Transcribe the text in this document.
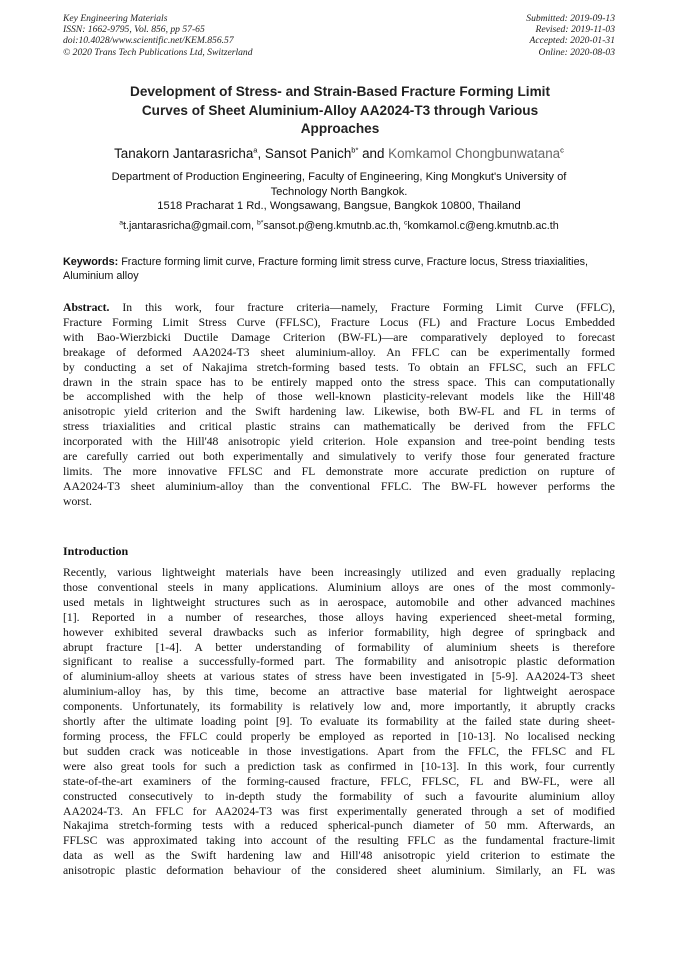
Key Engineering Materials
ISSN: 1662-9795, Vol. 856, pp 57-65
doi:10.4028/www.scientific.net/KEM.856.57
© 2020 Trans Tech Publications Ltd, Switzerland
Submitted: 2019-09-13
Revised: 2019-11-03
Accepted: 2020-01-31
Online: 2020-08-03
Development of Stress- and Strain-Based Fracture Forming Limit
Curves of Sheet Aluminium-Alloy AA2024-T3 through Various
Approaches
Tanakorn Jantarasricha$^a$, Sansot Panich$^{b*}$ and Komkamol Chongbunwatana$^c$
Department of Production Engineering, Faculty of Engineering, King Mongkut's University of
Technology North Bangkok.
1518 Pracharat 1 Rd., Wongsawang, Bangsue, Bangkok 10800, Thailand
$^a$t.jantarasricha@gmail.com, $^{b*}$sansot.p@eng.kmutnb.ac.th, $^c$komkamol.c@eng.kmutnb.ac.th
Keywords: Fracture forming limit curve, Fracture forming limit stress curve, Fracture locus, Stress triaxialities, Aluminium alloy
Abstract. In this work, four fracture criteria—namely, Fracture Forming Limit Curve (FFLC),
Fracture Forming Limit Stress Curve (FFLSC), Fracture Locus (FL) and Fracture Locus Embedded
with Bao-Wierzbicki Ductile Damage Criterion (BW-FL)—are comparatively deployed to forecast
breakage of deformed AA2024-T3 sheet aluminium-alloy. An FFLC can be experimentally formed
by conducting a set of Nakajima stretch-forming based tests. To obtain an FFLSC, such an FFLC
drawn in the strain space has to be entirely mapped onto the stress space. This can computationally
be accomplished with the help of those well-known plasticity-relevant models like the Hill'48
anisotropic yield criterion and the Swift hardening law. Likewise, both BW-FL and FL in terms of
stress triaxialities and critical plastic strains can mathematically be derived from the FFLC
incorporated with the Hill'48 anisotropic yield criterion. Hole expansion and tree-point bending tests
are carefully carried out both experimentally and simulatively to verify those four generated fracture
limits. The more innovative FFLSC and FL demonstrate more accurate prediction on rupture of
AA2024-T3 sheet aluminium-alloy than the conventional FFLC. The BW-FL however performs the
worst.
Introduction
Recently, various lightweight materials have been increasingly utilized and even gradually replacing
those conventional steels in many applications. Aluminium alloys are ones of the most commonly-
used metals in lightweight structures such as in aerospace, automobile and other advanced machines
[1]. Reported in a number of researches, those alloys having experienced sheet-metal forming,
however exhibited several drawbacks such as inferior formability, high degree of springback and
abrupt fracture [1-4]. A better understanding of formability of aluminium sheets is therefore
significant to realise a successfully-formed part. The formability and anisotropic plastic deformation
of aluminium-alloy sheets at various states of stress have been investigated in [5-9]. AA2024-T3 sheet
aluminium-alloy has, by this time, become an attractive base material for lightweight aerospace
components. Unfortunately, its formability is relatively low and, more importantly, it abruptly cracks
shortly after the ultimate loading point [9]. To evaluate its formability at the failed state during sheet-
forming process, the FFLC could properly be employed as reported in [10-13]. No localised necking
but sudden crack was noticeable in those investigations. Apart from the FFLC, the FFLSC and FL
were also great tools for such a prediction task as confirmed in [10-13]. In this work, four currently
state-of-the-art examiners of the forming-caused fracture, FFLC, FFLSC, FL and BW-FL, were all
constructed consecutively to in-depth study the formability of such a favourite aluminium alloy
AA2024-T3. An FFLC for AA2024-T3 was first experimentally generated through a set of modified
Nakajima stretch-forming tests with a reduced spherical-punch diameter of 50 mm. Afterwards, an
FFLSC was approximated taking into account of the resulting FFLC as the fundamental fracture-limit
data as well as the Swift hardening law and Hill'48 anisotropic yield criterion to estimate the
anisotropic plastic deformation behaviour of the considered sheet aluminium. Similarly, an FL was
